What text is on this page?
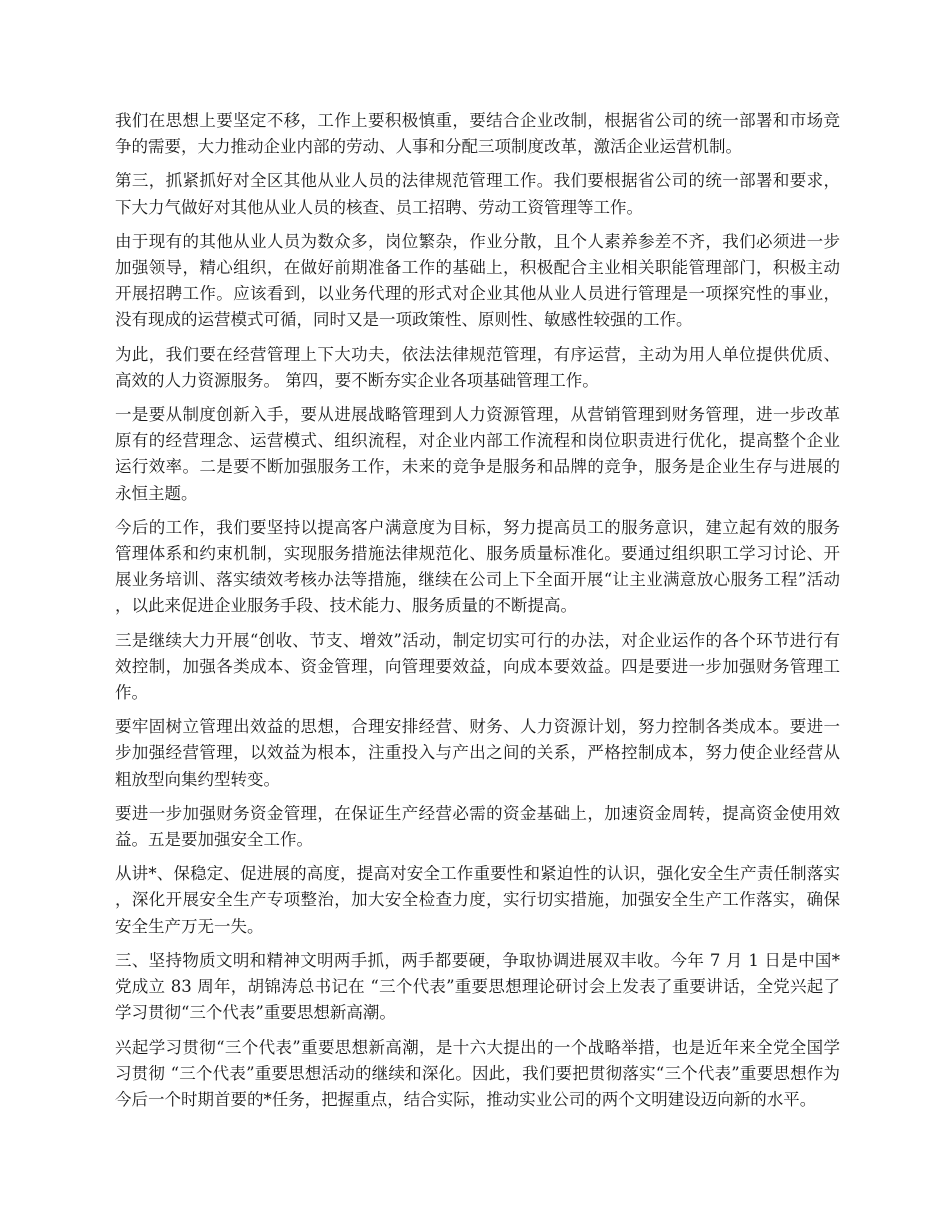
我们在思想上要坚定不移，工作上要积极慎重，要结合企业改制，根据省公司的统一部署和市场竞争的需要，大力推动企业内部的劳动、人事和分配三项制度改革，激活企业运营机制。

第三，抓紧抓好对全区其他从业人员的法律规范管理工作。我们要根据省公司的统一部署和要求，下大力气做好对其他从业人员的核查、员工招聘、劳动工资管理等工作。

由于现有的其他从业人员为数众多，岗位繁杂，作业分散，且个人素养参差不齐，我们必须进一步加强领导，精心组织，在做好前期准备工作的基础上，积极配合主业相关职能管理部门，积极主动开展招聘工作。应该看到，以业务代理的形式对企业其他从业人员进行管理是一项探究性的事业，没有现成的运营模式可循，同时又是一项政策性、原则性、敏感性较强的工作。

为此，我们要在经营管理上下大功夫，依法法律规范管理，有序运营，主动为用人单位提供优质、高效的人力资源服务。 第四，要不断夯实企业各项基础管理工作。

一是要从制度创新入手，要从进展战略管理到人力资源管理，从营销管理到财务管理，进一步改革原有的经营理念、运营模式、组织流程，对企业内部工作流程和岗位职责进行优化，提高整个企业运行效率。二是要不断加强服务工作，未来的竞争是服务和品牌的竞争，服务是企业生存与进展的永恒主题。

今后的工作，我们要坚持以提高客户满意度为目标，努力提高员工的服务意识，建立起有效的服务管理体系和约束机制，实现服务措施法律规范化、服务质量标准化。要通过组织职工学习讨论、开展业务培训、落实绩效考核办法等措施，继续在公司上下全面开展“让主业满意放心服务工程”活动，以此来促进企业服务手段、技术能力、服务质量的不断提高。

三是继续大力开展“创收、节支、增效”活动，制定切实可行的办法，对企业运作的各个环节进行有效控制，加强各类成本、资金管理，向管理要效益，向成本要效益。四是要进一步加强财务管理工作。

要牢固树立管理出效益的思想，合理安排经营、财务、人力资源计划，努力控制各类成本。要进一步加强经营管理，以效益为根本，注重投入与产出之间的关系，严格控制成本，努力使企业经营从粗放型向集约型转变。

要进一步加强财务资金管理，在保证生产经营必需的资金基础上，加速资金周转，提高资金使用效益。五是要加强安全工作。

从讲*、保稳定、促进展的高度，提高对安全工作重要性和紧迫性的认识，强化安全生产责任制落实，深化开展安全生产专项整治，加大安全检查力度，实行切实措施，加强安全生产工作落实，确保安全生产万无一失。

三、坚持物质文明和精神文明两手抓，两手都要硬，争取协调进展双丰收。今年 7 月 1 日是中国*党成立 83 周年，胡锦涛总书记在 “三个代表”重要思想理论研讨会上发表了重要讲话，全党兴起了学习贯彻“三个代表”重要思想新高潮。

兴起学习贯彻“三个代表”重要思想新高潮，是十六大提出的一个战略举措，也是近年来全党全国学习贯彻 “三个代表”重要思想活动的继续和深化。因此，我们要把贯彻落实“三个代表”重要思想作为今后一个时期首要的*任务，把握重点，结合实际，推动实业公司的两个文明建设迈向新的水平。
